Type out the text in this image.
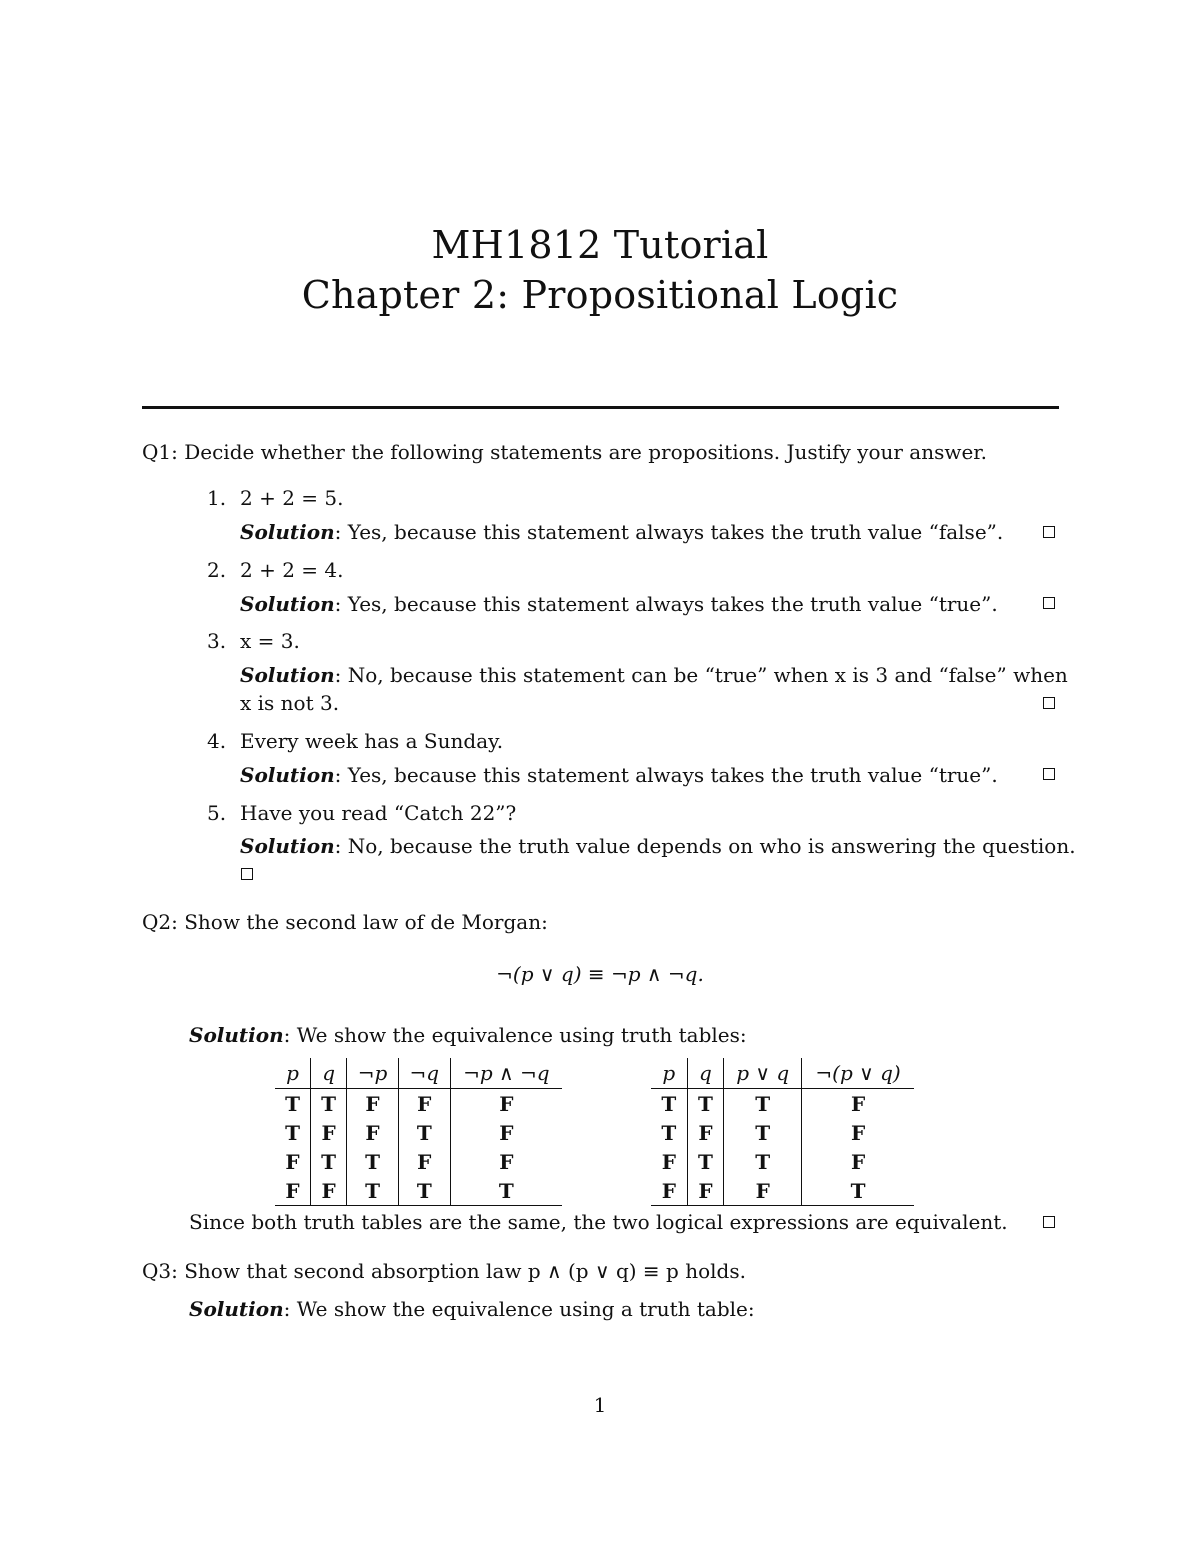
MH1812 Tutorial
Chapter 2: Propositional Logic
Q1: Decide whether the following statements are propositions. Justify your answer.
1. 2 + 2 = 5.
Solution: Yes, because this statement always takes the truth value “false”.
2. 2 + 2 = 4.
Solution: Yes, because this statement always takes the truth value “true”.
3. x = 3.
Solution: No, because this statement can be “true” when x is 3 and “false” when
x is not 3.
4. Every week has a Sunday.
Solution: Yes, because this statement always takes the truth value “true”.
5. Have you read “Catch 22”?
Solution: No, because the truth value depends on who is answering the question.
Q2: Show the second law of de Morgan:
¬(p ∨ q) ≡ ¬p ∧ ¬q.
Solution: We show the equivalence using truth tables:
p	q	¬p	¬q	¬p ∧ ¬q
T	T	F	F	F
T	F	F	T	F
F	T	T	F	F
F	F	T	T	T
p	q	p ∨ q	¬(p ∨ q)
T	T	T	F
T	F	T	F
F	T	T	F
F	F	F	T
Since both truth tables are the same, the two logical expressions are equivalent.
Q3: Show that second absorption law p ∧ (p ∨ q) ≡ p holds.
Solution: We show the equivalence using a truth table:
1
